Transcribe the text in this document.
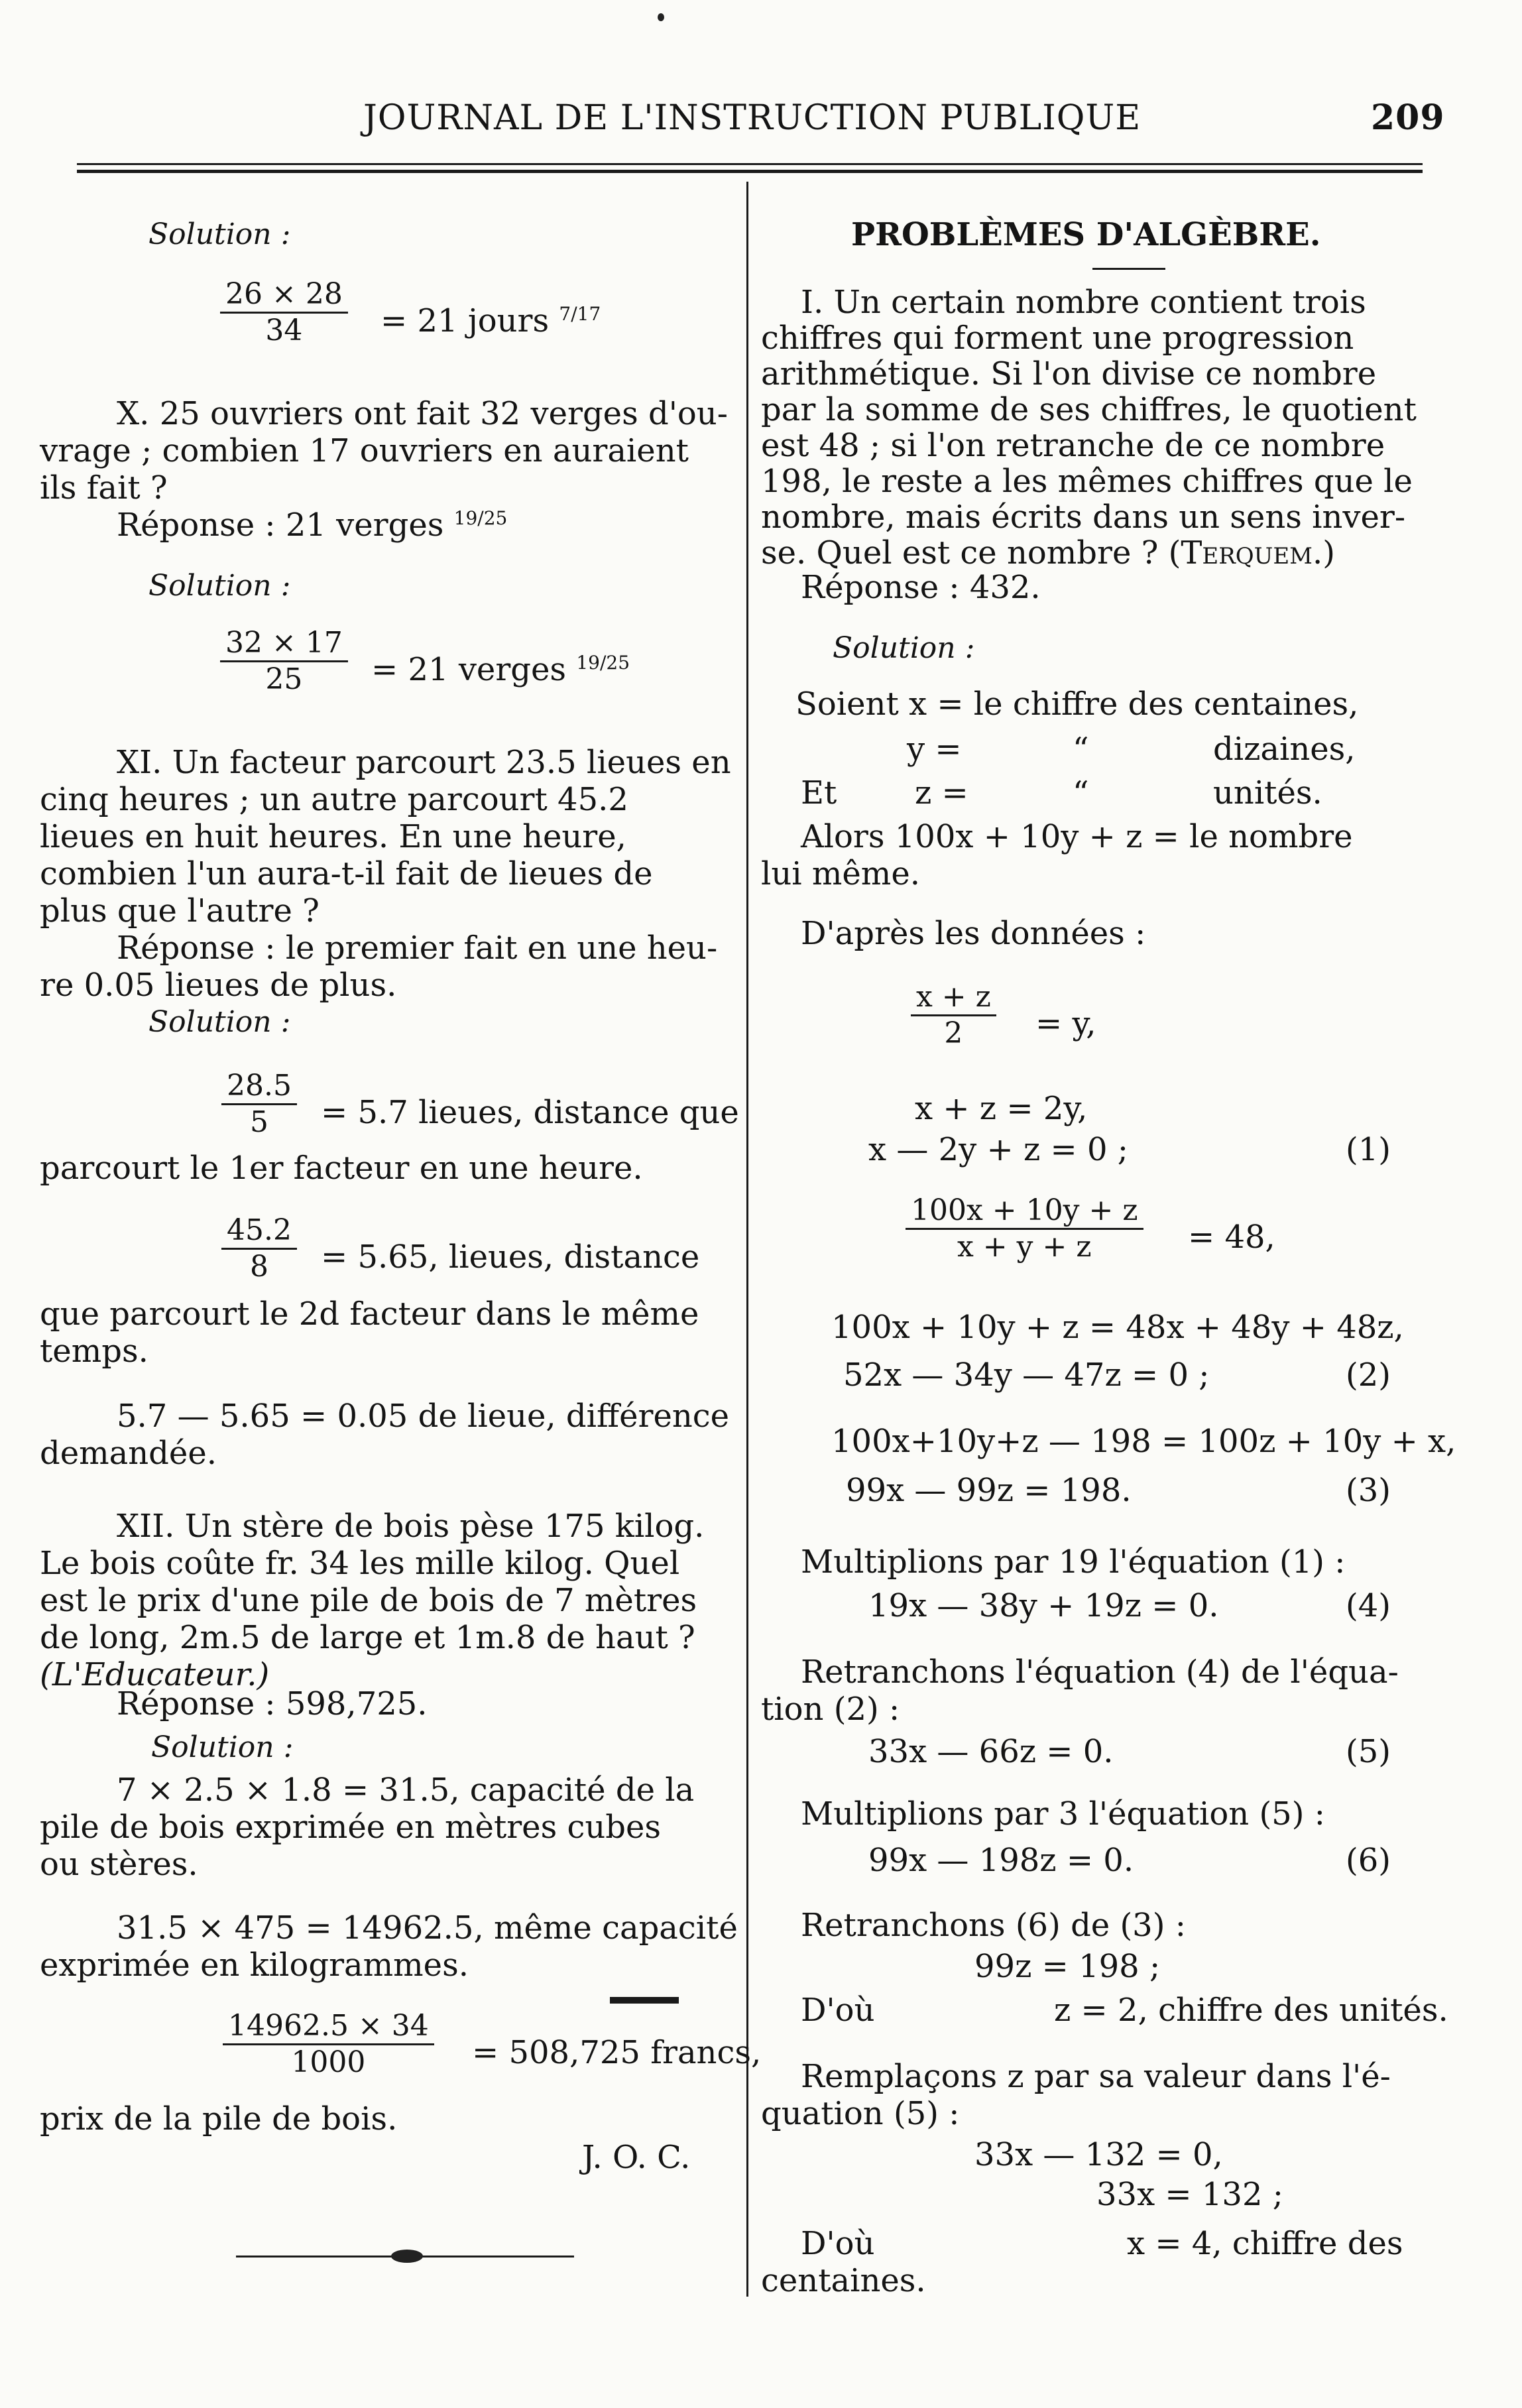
JOURNAL DE L'INSTRUCTION PUBLIQUE	209
Solution :
$\frac{26 \times 28}{34} = 21$ jours $^{7/17}$
X. 25 ouvriers ont fait 32 verges d'ou-
vrage ; combien 17 ouvriers en auraient
ils fait ?
Réponse : 21 verges $^{19/25}$
Solution :
$\frac{32 \times 17}{25} = 21$ verges $^{19/25}$
XI. Un facteur parcourt 23.5 lieues en
cinq heures ; un autre parcourt 45.2
lieues en huit heures. En une heure,
combien l'un aura-t-il fait de lieues de
plus que l'autre ?
Réponse : le premier fait en une heu-
re 0.05 lieues de plus.
Solution :
$\frac{28.5}{5} = 5.7$ lieues, distance que
parcourt le 1er facteur en une heure.
$\frac{45.2}{8} = 5.65$, lieues, distance
que parcourt le 2d facteur dans le même
temps.
5.7 — 5.65 = 0.05 de lieue, différence
demandée.
XII. Un stère de bois pèse 175 kilog.
Le bois coûte fr. 34 les mille kilog. Quel
est le prix d'une pile de bois de 7 mètres
de long, 2m.5 de large et 1m.8 de haut ?
(L'Educateur.)
Réponse : 598,725.
Solution :
7 × 2.5 × 1.8 = 31.5, capacité de la
pile de bois exprimée en mètres cubes
ou stères.
31.5 × 475 = 14962.5, même capacité
exprimée en kilogrammes.
$\frac{14962.5 \times 34}{1000} = 508,725$ francs,
prix de la pile de bois.
J. O. C.
PROBLÈMES D'ALGÈBRE.
I. Un certain nombre contient trois
chiffres qui forment une progression
arithmétique. Si l'on divise ce nombre
par la somme de ses chiffres, le quotient
est 48 ; si l'on retranche de ce nombre
198, le reste a les mêmes chiffres que le
nombre, mais écrits dans un sens inver-
se. Quel est ce nombre ? (Terquem.)
Réponse : 432.
Solution :
Soient x = le chiffre des centaines,
y =	“	dizaines,
Et z =	“	unités.
Alors 100x + 10y + z = le nombre
lui même.
D'après les données :
$\frac{x + z}{2} = y$,
x + z = 2y,
x — 2y + z = 0 ;	(1)
$\frac{100x + 10y + z}{x + y + z} = 48$,
100x + 10y + z = 48x + 48y + 48z,
52x — 34y — 47z = 0 ;	(2)
100x+10y+z — 198 = 100z + 10y + x,
99x — 99z = 198.	(3)
Multiplions par 19 l'équation (1) :
19x — 38y + 19z = 0.	(4)
Retranchons l'équation (4) de l'équa-
tion (2) :
33x — 66z = 0.	(5)
Multiplions par 3 l'équation (5) :
99x — 198z = 0.	(6)
Retranchons (6) de (3) :
99z = 198 ;
D'où	z = 2, chiffre des unités.
Remplaçons z par sa valeur dans l'é-
quation (5) :
33x — 132 = 0,
33x = 132 ;
D'où	x = 4, chiffre des
centaines.
